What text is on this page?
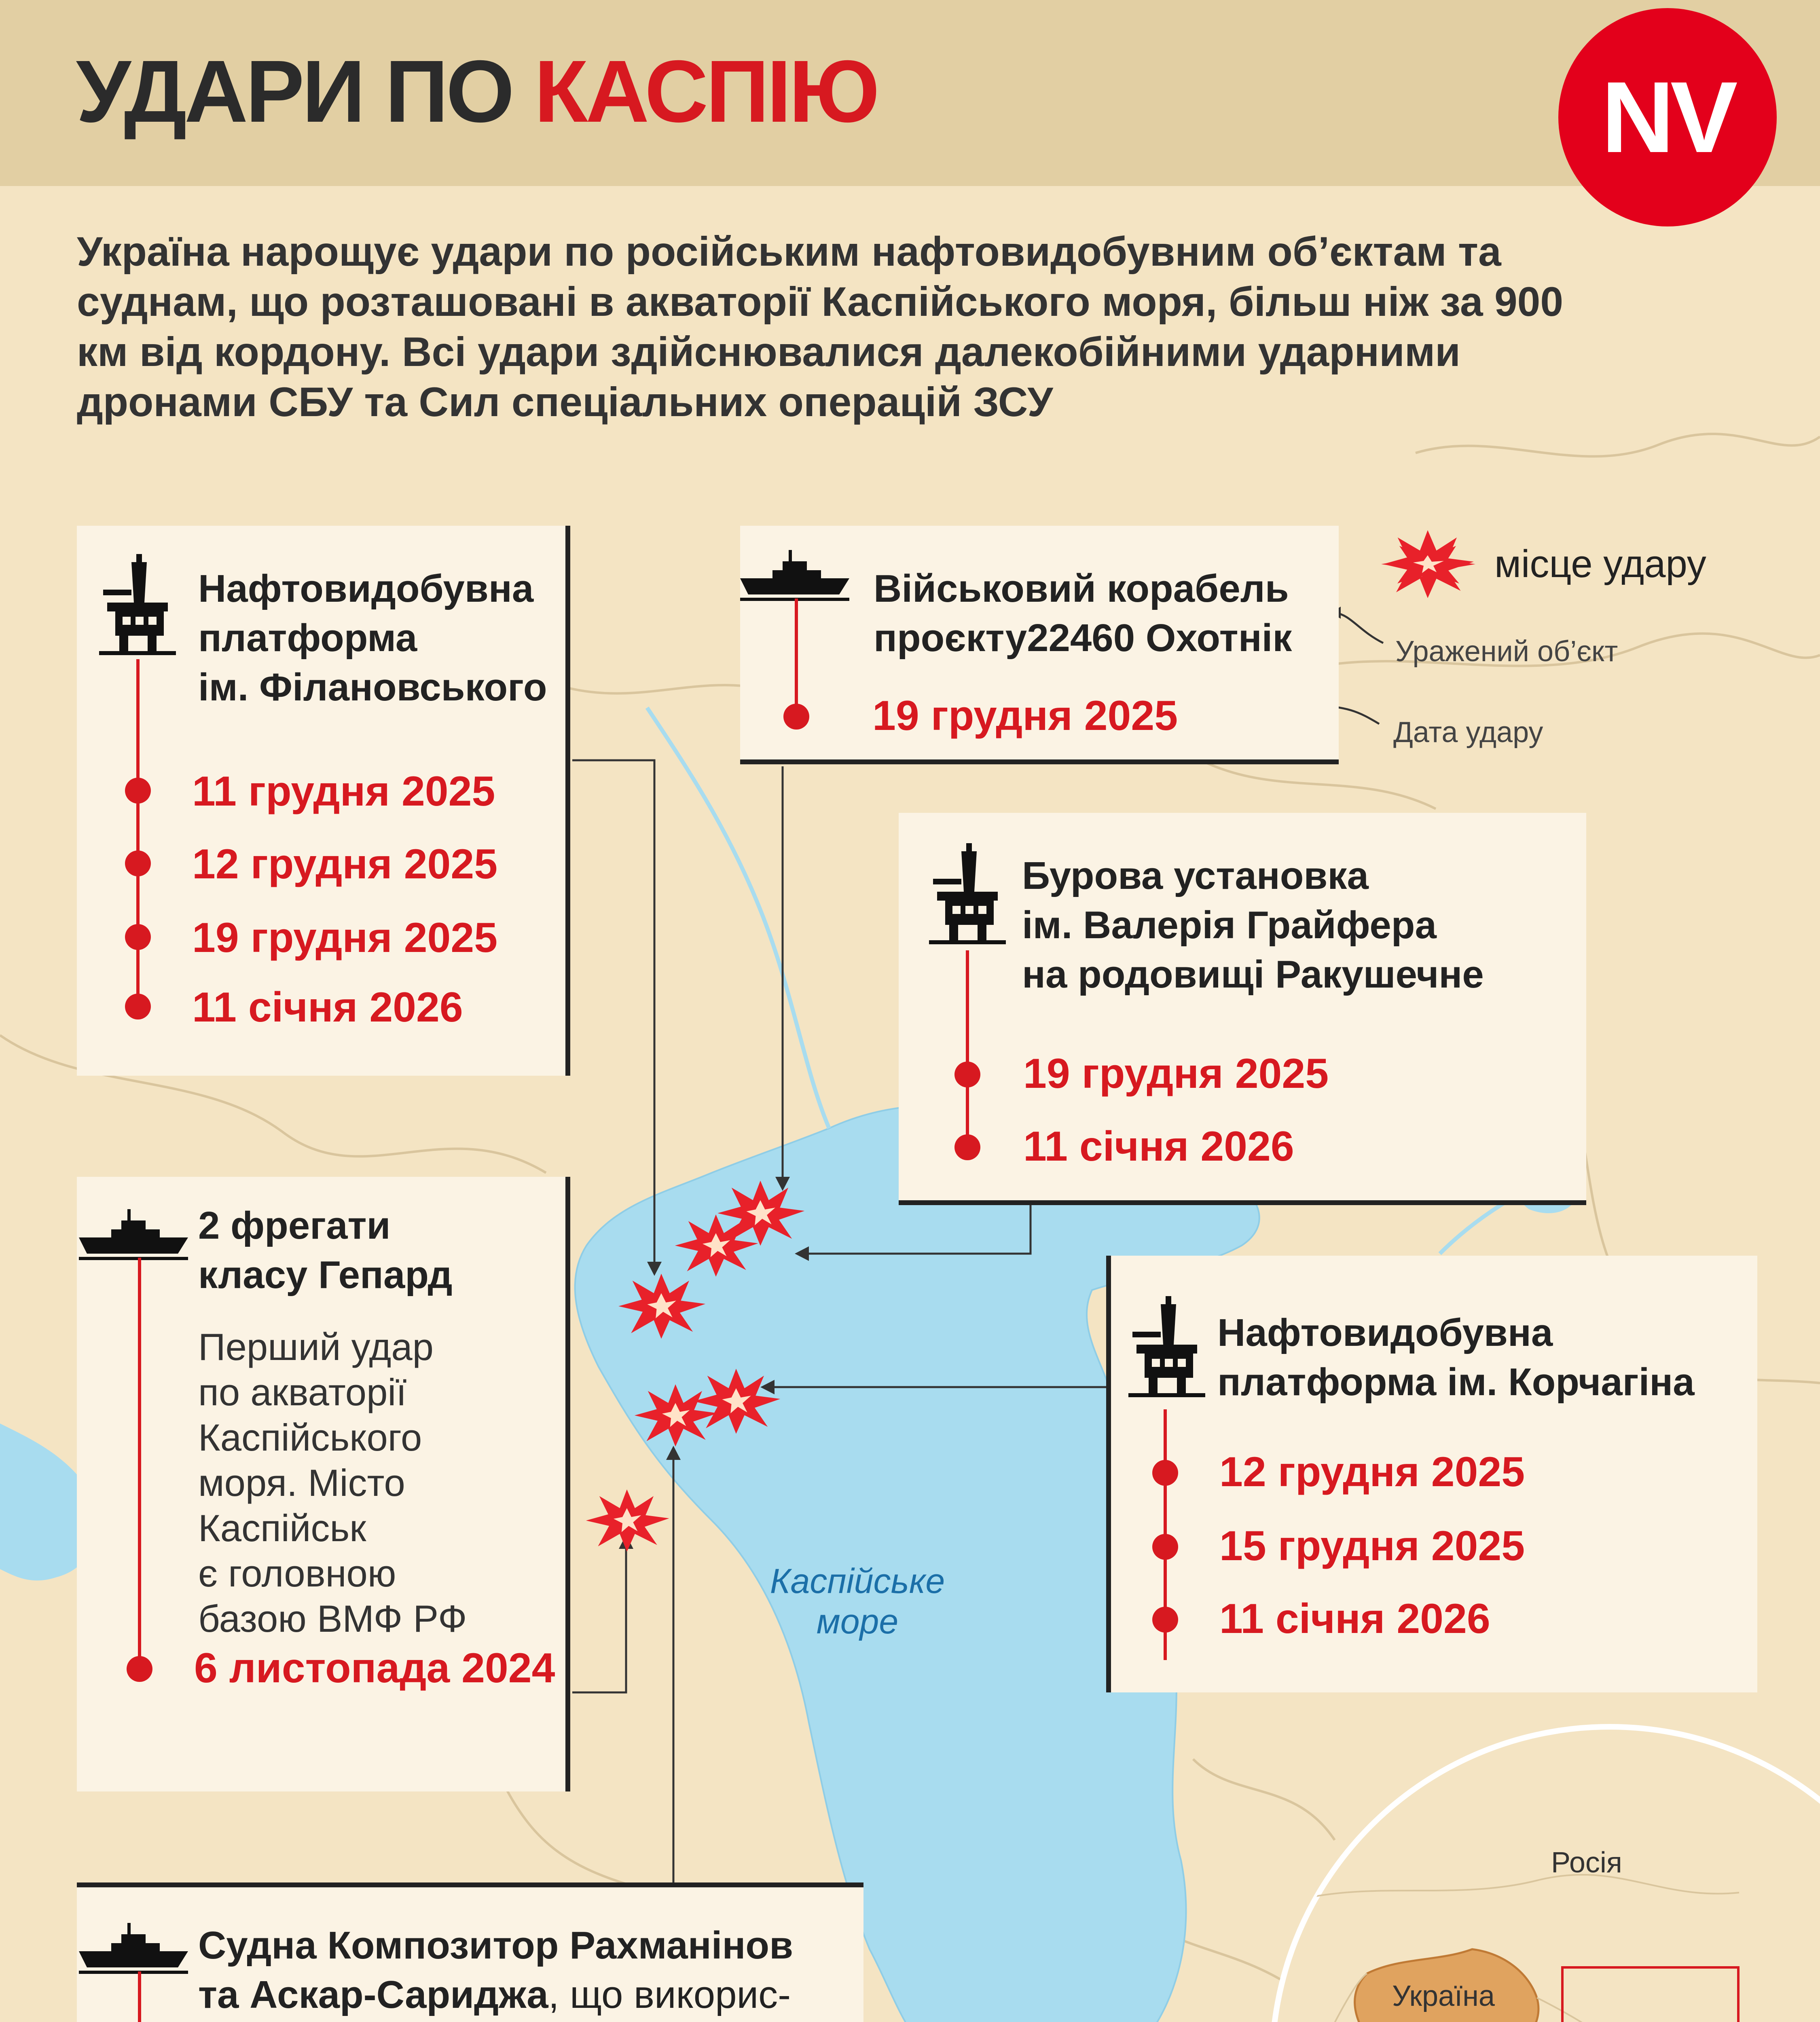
УДАРИ ПО КАСПІЮ	NV
Україна нарощує удари по російським нафтовидобувним об’єктам та суднам, що розташовані в акваторії Каспійського моря, більш ніж за 900 км від кордону. Всі удари здійснювалися далекобійними ударними дронами СБУ та Сил спеціальних операцій ЗСУ
місце удару
Уражений об’єкт
Дата удару
Каспійське
море
Росія
Україна
Нафтовидобувна
платформа
ім. Філановського
11 грудня 2025
12 грудня 2025
19 грудня 2025
11 січня 2026
Військовий корабель
проєкту22460 Охотнік
19 грудня 2025
Бурова установка
ім. Валерія Грайфера
на родовищі Ракушечне
19 грудня 2025
11 січня 2026
2 фрегати
класу Гепард
Перший удар
по акваторії
Каспійського
моря. Місто
Каспійськ
є головною
базою ВМФ РФ
6 листопада 2024
Нафтовидобувна
платформа ім. Корчагіна
12 грудня 2025
15 грудня 2025
11 січня 2026
Судна Композитор Рахманінов
та Аскар-Сариджа, що викорис-
